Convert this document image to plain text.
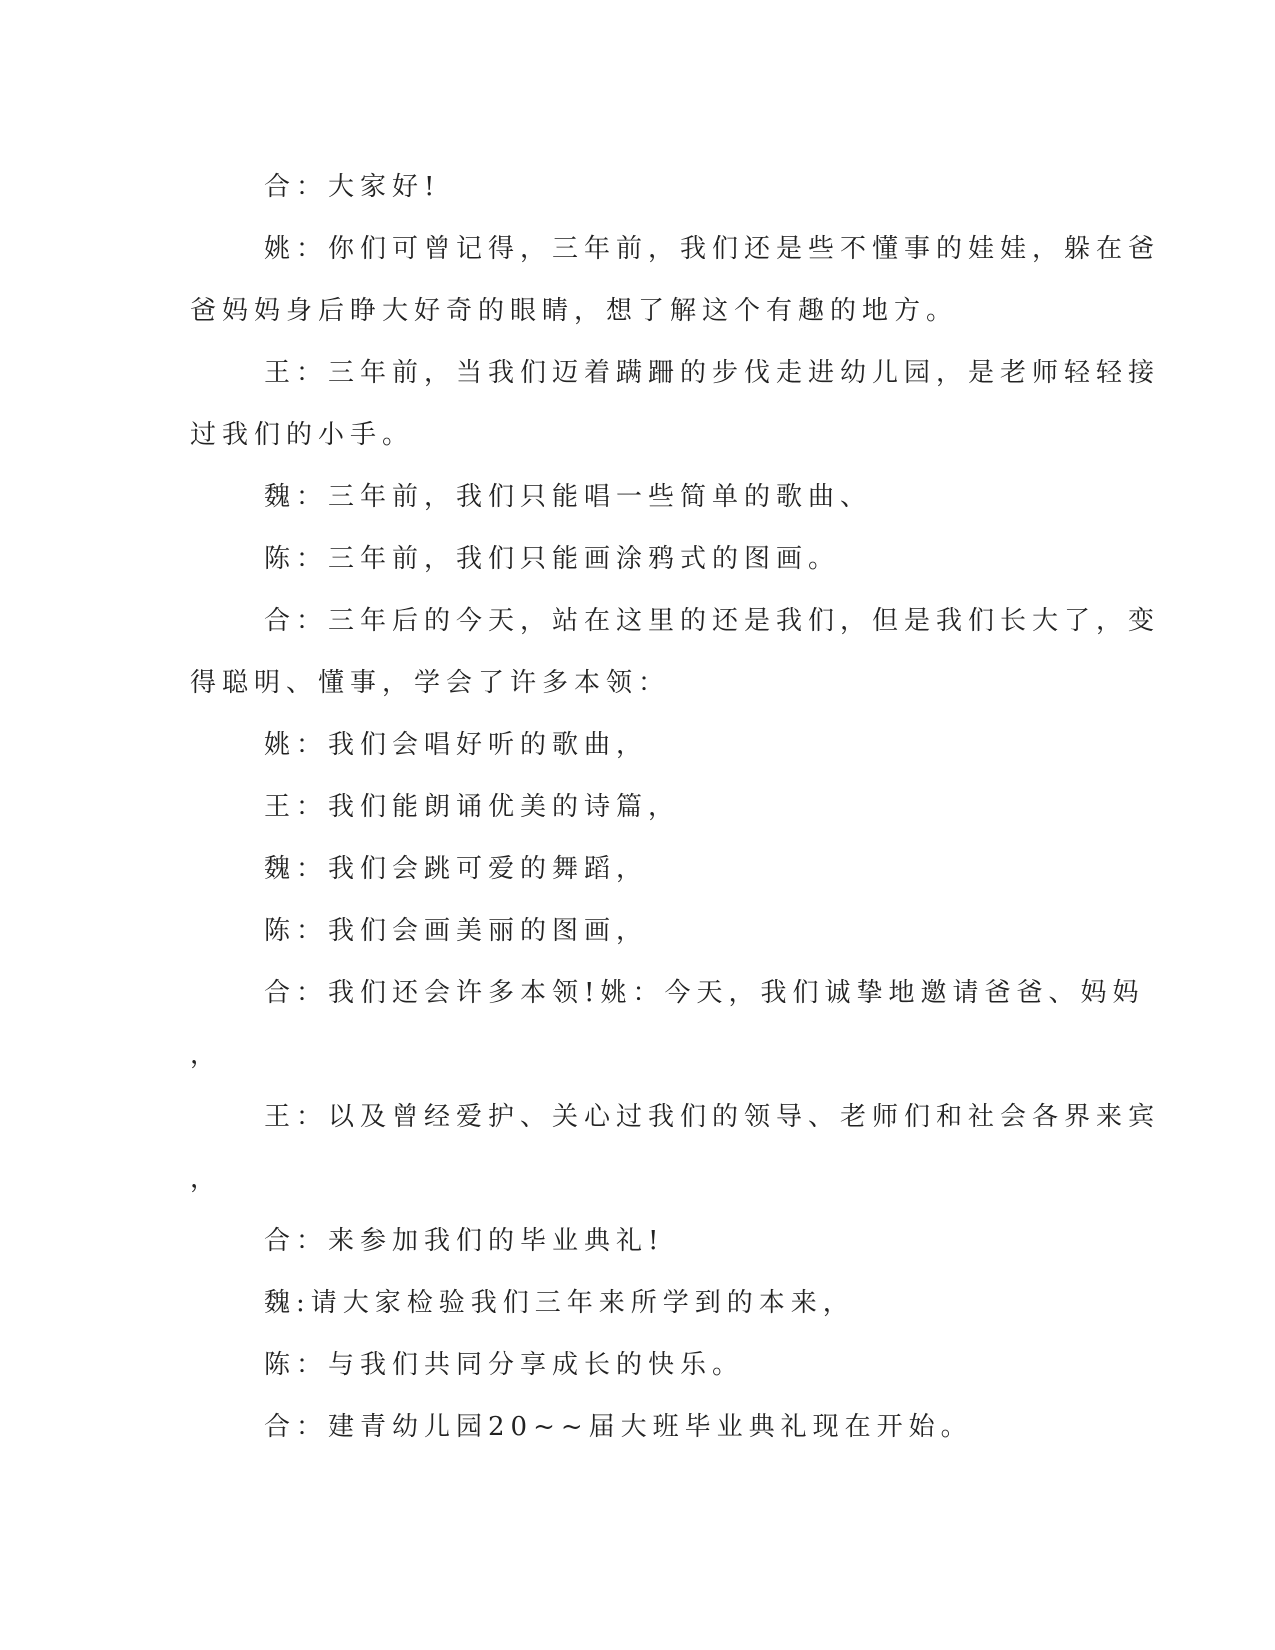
合：大家好!

姚：你们可曾记得，三年前，我们还是些不懂事的娃娃，躲在爸

爸妈妈身后睁大好奇的眼睛，想了解这个有趣的地方。

王：三年前，当我们迈着蹒跚的步伐走进幼儿园，是老师轻轻接

过我们的小手。

魏：三年前，我们只能唱一些简单的歌曲、

陈：三年前，我们只能画涂鸦式的图画。

合：三年后的今天，站在这里的还是我们，但是我们长大了，变

得聪明、懂事，学会了许多本领：

姚：我们会唱好听的歌曲，

王：我们能朗诵优美的诗篇，

魏：我们会跳可爱的舞蹈，

陈：我们会画美丽的图画，

合：我们还会许多本领!姚：今天，我们诚挚地邀请爸爸、妈妈

，

王：以及曾经爱护、关心过我们的领导、老师们和社会各界来宾

，

合：来参加我们的毕业典礼!

魏:请大家检验我们三年来所学到的本来，

陈：与我们共同分享成长的快乐。

合：建青幼儿园20~~届大班毕业典礼现在开始。
